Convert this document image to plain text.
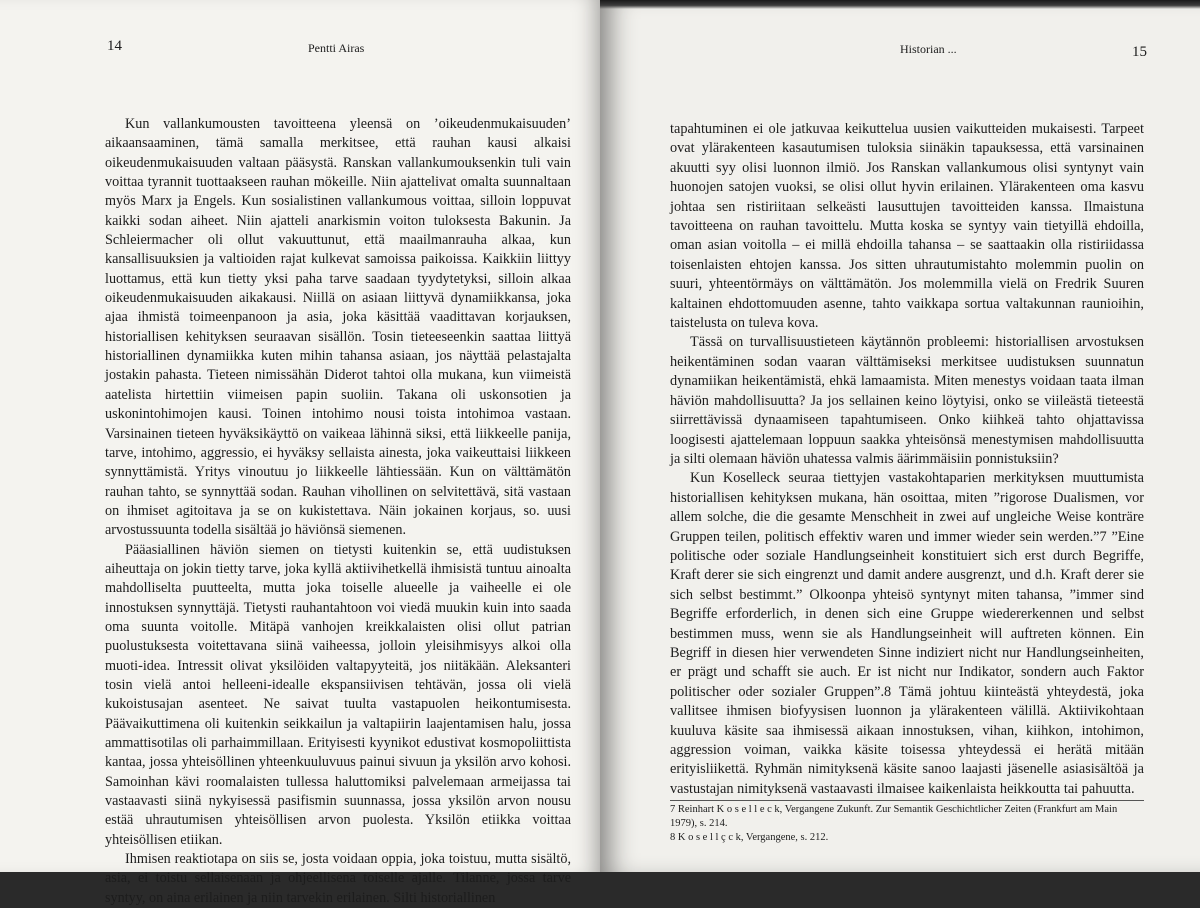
14	Pentti Airas

Kun vallankumousten tavoitteena yleensä on ’oikeudenmukaisuuden’ aikaansaaminen, tämä samalla merkitsee, että rauhan kausi alkaisi oikeudenmukaisuuden valtaan pääsystä. Ranskan vallankumouksenkin tuli vain voittaa tyrannit tuottaakseen rauhan mökeille. Niin ajattelivat omalta suunnaltaan myös Marx ja Engels. Kun sosialistinen vallankumous voittaa, silloin loppuvat kaikki sodan aiheet. Niin ajatteli anarkismin voiton tuloksesta Bakunin. Ja Schleiermacher oli ollut vakuuttunut, että maailmanrauha alkaa, kun kansallisuuksien ja valtioiden rajat kulkevat samoissa paikoissa. Kaikkiin liittyy luottamus, että kun tietty yksi paha tarve saadaan tyydytetyksi, silloin alkaa oikeudenmukaisuuden aikakausi. Niillä on asiaan liittyvä dynamiikkansa, joka ajaa ihmistä toimeenpanoon ja asia, joka käsittää vaadittavan korjauksen, historiallisen kehityksen seuraavan sisällön. Tosin tieteeseenkin saattaa liittyä historiallinen dynamiikka kuten mihin tahansa asiaan, jos näyttää pelastajalta jostakin pahasta. Tieteen nimissähän Diderot tahtoi olla mukana, kun viimeistä aatelista hirtettiin viimeisen papin suoliin. Takana oli uskonsotien ja uskonintohimojen kausi. Toinen intohimo nousi toista intohimoa vastaan. Varsinainen tieteen hyväksikäyttö on vaikeaa lähinnä siksi, että liikkeelle panija, tarve, intohimo, aggressio, ei hyväksy sellaista ainesta, joka vaikeuttaisi liikkeen synnyttämistä. Yritys vinoutuu jo liikkeelle lähtiessään. Kun on välttämätön rauhan tahto, se synnyttää sodan. Rauhan vihollinen on selvitettävä, sitä vastaan on ihmiset agitoitava ja se on kukistettava. Näin jokainen korjaus, so. uusi arvostussuunta todella sisältää jo häviönsä siemenen.

Pääasiallinen häviön siemen on tietysti kuitenkin se, että uudistuksen aiheuttaja on jokin tietty tarve, joka kyllä aktiivihetkellä ihmisistä tuntuu ainoalta mahdolliselta puutteelta, mutta joka toiselle alueelle ja vaiheelle ei ole innostuksen synnyttäjä. Tietysti rauhantahtoon voi viedä muukin kuin into saada oma suunta voitolle. Mitäpä vanhojen kreikkalaisten olisi ollut patrian puolustuksesta voitettavana siinä vaiheessa, jolloin yleisihmisyys alkoi olla muoti-idea. Intressit olivat yksilöiden valtapyyteitä, jos niitäkään. Aleksanteri tosin vielä antoi helleeni-idealle ekspansiivisen tehtävän, jossa oli vielä kukoistusajan asenteet. Ne saivat tuulta vastapuolen heikontumisesta. Päävaikuttimena oli kuitenkin seikkailun ja valtapiirin laajentamisen halu, jossa ammattisotilas oli parhaimmillaan. Erityisesti kyynikot edustivat kosmopoliittista kantaa, jossa yhteisöllinen yhteenkuuluvuus painui sivuun ja yksilön arvo kohosi. Samoinhan kävi roomalaisten tullessa haluttomiksi palvelemaan armeijassa tai vastaavasti siinä nykyisessä pasifismin suunnassa, jossa yksilön arvon nousu estää uhrautumisen yhteisöllisen arvon puolesta. Yksilön etiikka voittaa yhteisöllisen etiikan.

Ihmisen reaktiotapa on siis se, josta voidaan oppia, joka toistuu, mutta sisältö, asia, ei toistu sellaisenaan ja ohjeellisena toiselle ajalle. Tilanne, jossa tarve syntyy, on aina erilainen ja niin tarvekin erilainen. Silti historiallinen

Historian ...	15

tapahtuminen ei ole jatkuvaa keikuttelua uusien vaikutteiden mukaisesti. Tarpeet ovat ylärakenteen kasautumisen tuloksia siinäkin tapauksessa, että varsinainen akuutti syy olisi luonnon ilmiö. Jos Ranskan vallankumous olisi syntynyt vain huonojen satojen vuoksi, se olisi ollut hyvin erilainen. Ylärakenteen oma kasvu johtaa sen ristiriitaan selkeästi lausuttujen tavoitteiden kanssa. Ilmaistuna tavoitteena on rauhan tavoittelu. Mutta koska se syntyy vain tietyillä ehdoilla, oman asian voitolla – ei millä ehdoilla tahansa – se saattaakin olla ristiriidassa toisenlaisten ehtojen kanssa. Jos sitten uhrautumistahto molemmin puolin on suuri, yhteentörmäys on välttämätön. Jos molemmilla vielä on Fredrik Suuren kaltainen ehdottomuuden asenne, tahto vaikkapa sortua valtakunnan raunioihin, taistelusta on tuleva kova.

Tässä on turvallisuustieteen käytännön probleemi: historiallisen arvostuksen heikentäminen sodan vaaran välttämiseksi merkitsee uudistuksen suunnatun dynamiikan heikentämistä, ehkä lamaamista. Miten menestys voidaan taata ilman häviön mahdollisuutta? Ja jos sellainen keino löytyisi, onko se viileästä tieteestä siirrettävissä dynaamiseen tapahtumiseen. Onko kiihkeä tahto ohjattavissa loogisesti ajattelemaan loppuun saakka yhteisönsä menestymisen mahdollisuutta ja silti olemaan häviön uhatessa valmis äärimmäisiin ponnistuksiin?

Kun Koselleck seuraa tiettyjen vastakohtaparien merkityksen muuttumista historiallisen kehityksen mukana, hän osoittaa, miten ”rigorose Dualismen, vor allem solche, die die gesamte Menschheit in zwei auf ungleiche Weise konträre Gruppen teilen, politisch effektiv waren und immer wieder sein werden.”7 ”Eine politische oder soziale Handlungseinheit konstituiert sich erst durch Begriffe, Kraft derer sie sich eingrenzt und damit andere ausgrenzt, und d.h. Kraft derer sie sich selbst bestimmt.” Olkoonpa yhteisö syntynyt miten tahansa, ”immer sind Begriffe erforderlich, in denen sich eine Gruppe wiedererkennen und selbst bestimmen muss, wenn sie als Handlungseinheit will auftreten können. Ein Begriff in diesen hier verwendeten Sinne indiziert nicht nur Handlungseinheiten, er prägt und schafft sie auch. Er ist nicht nur Indikator, sondern auch Faktor politischer oder sozialer Gruppen”.8 Tämä johtuu kiinteästä yhteydestä, joka vallitsee ihmisen biofyysisen luonnon ja ylärakenteen välillä. Aktiivikohtaan kuuluva käsite saa ihmisessä aikaan innostuksen, vihan, kiihkon, intohimon, aggression voiman, vaikka käsite toisessa yhteydessä ei herätä mitään erityisliikettä. Ryhmän nimityksenä käsite sanoo laajasti jäsenelle asiasisältöä ja vastustajan nimityksenä vastaavasti ilmaisee kaikenlaista heikkoutta tai pahuutta.

7 Reinhart K o s e l l e c k, Vergangene Zukunft. Zur Semantik Geschichtlicher Zeiten (Frankfurt am Main 1979), s. 214.

8 K o s e l l ç c k, Vergangene, s. 212.
